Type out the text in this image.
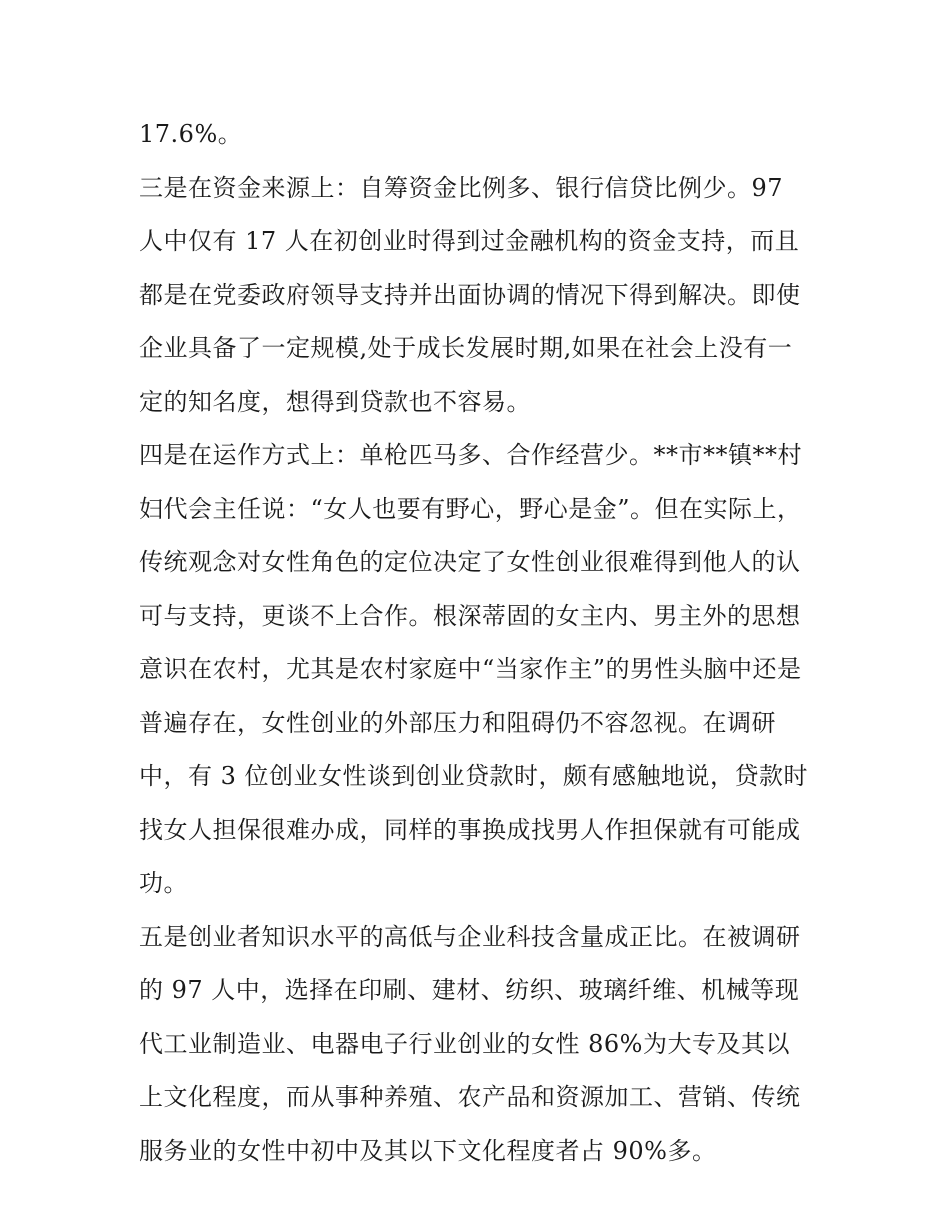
17.6%。
三是在资金来源上：自筹资金比例多、银行信贷比例少。97
人中仅有 17 人在初创业时得到过金融机构的资金支持，而且
都是在党委政府领导支持并出面协调的情况下得到解决。即使
企业具备了一定规模,处于成长发展时期,如果在社会上没有一
定的知名度，想得到贷款也不容易。
四是在运作方式上：单枪匹马多、合作经营少。**市**镇**村
妇代会主任说：“女人也要有野心，野心是金”。但在实际上，
传统观念对女性角色的定位决定了女性创业很难得到他人的认
可与支持，更谈不上合作。根深蒂固的女主内、男主外的思想
意识在农村，尤其是农村家庭中“当家作主”的男性头脑中还是
普遍存在，女性创业的外部压力和阻碍仍不容忽视。在调研
中，有 3 位创业女性谈到创业贷款时，颇有感触地说，贷款时
找女人担保很难办成，同样的事换成找男人作担保就有可能成
功。
五是创业者知识水平的高低与企业科技含量成正比。在被调研
的 97 人中，选择在印刷、建材、纺织、玻璃纤维、机械等现
代工业制造业、电器电子行业创业的女性 86%为大专及其以
上文化程度，而从事种养殖、农产品和资源加工、营销、传统
服务业的女性中初中及其以下文化程度者占 90%多。
